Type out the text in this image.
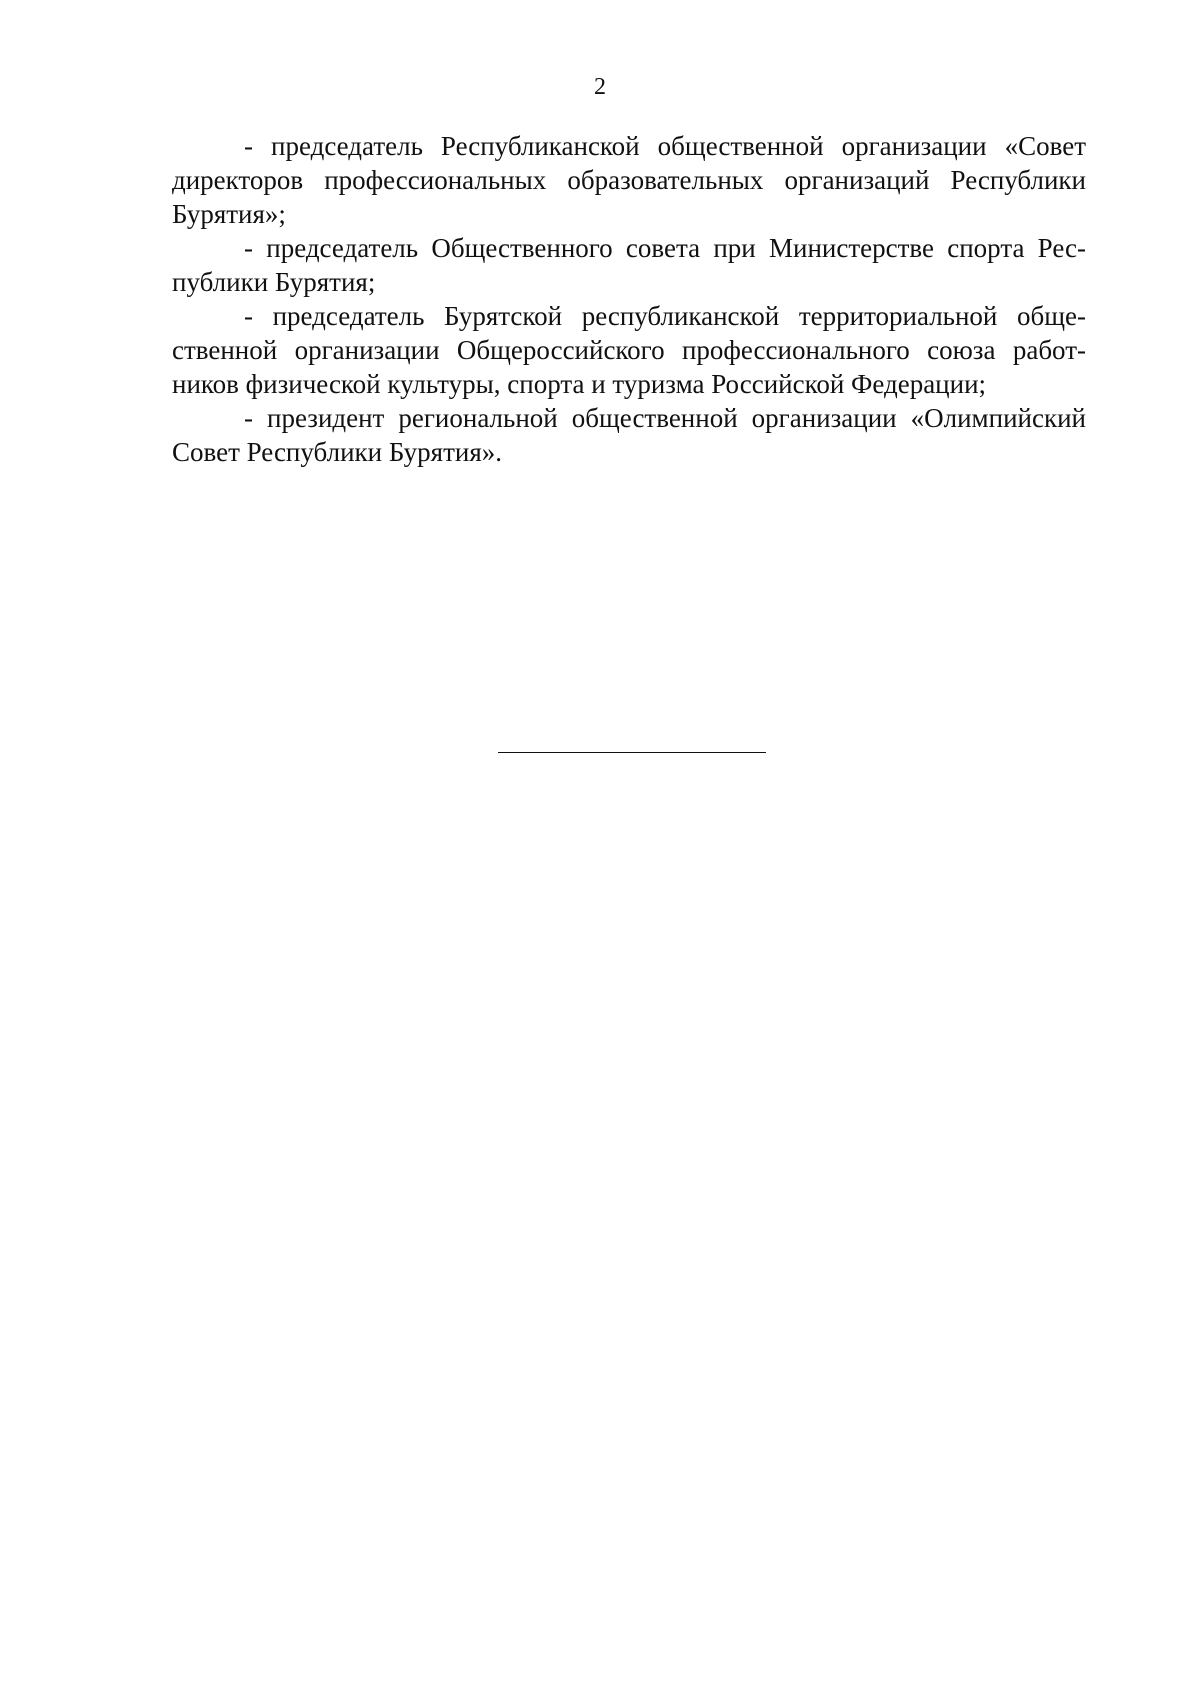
2

- председатель Республиканской общественной организации «Совет директоров профессиональных образовательных организаций Республики Бурятия»;

- председатель Общественного совета при Министерстве спорта Республики Бурятия;

- председатель Бурятской республиканской территориальной общественной организации Общероссийского профессионального союза работников физической культуры, спорта и туризма Российской Федерации;

- президент региональной общественной организации «Олимпийский Совет Республики Бурятия».
